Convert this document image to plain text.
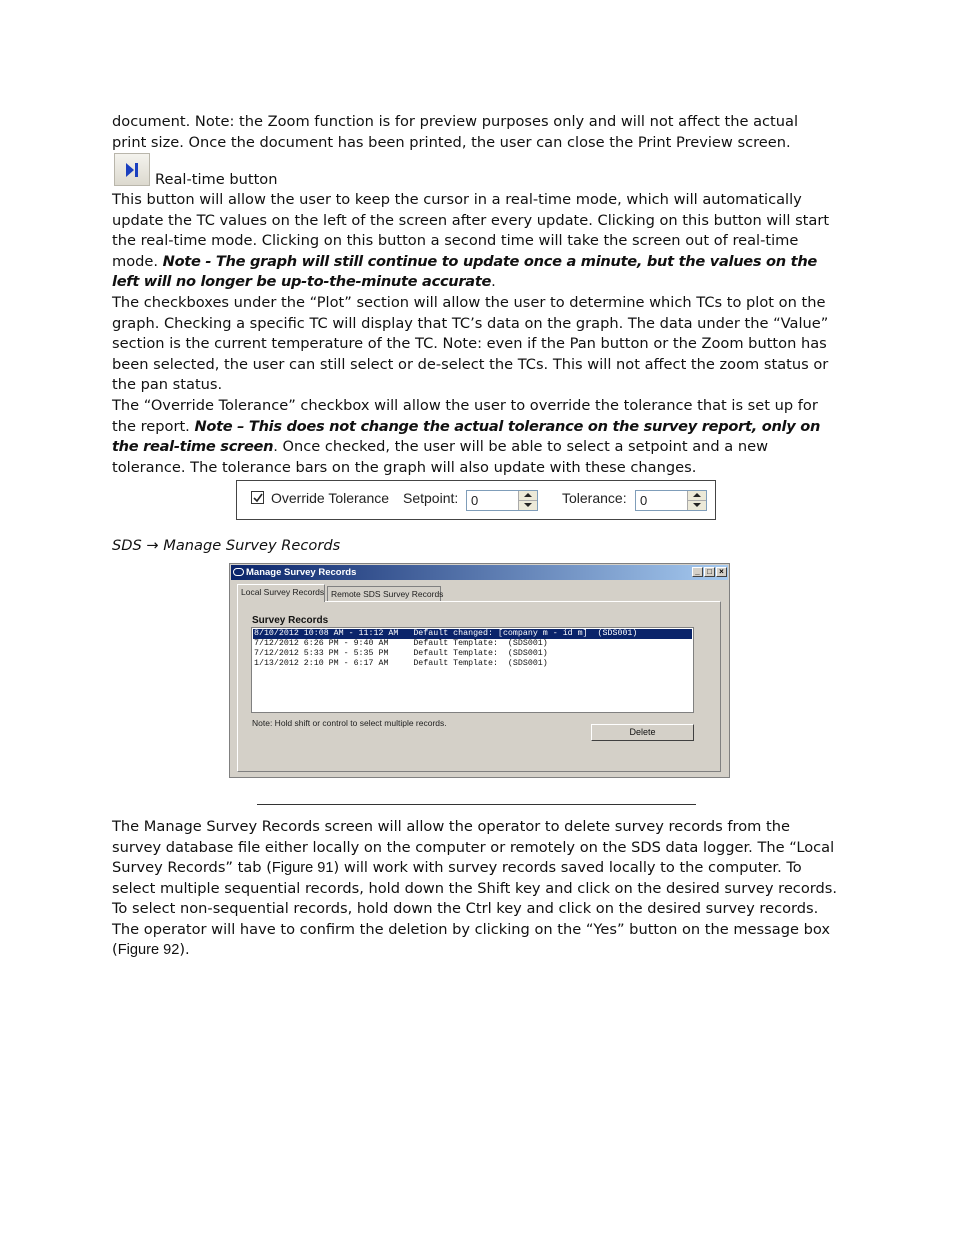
document. Note: the Zoom function is for preview purposes only and will not affect the actual
print size. Once the document has been printed, the user can close the Print Preview screen.
Real-time button
This button will allow the user to keep the cursor in a real-time mode, which will automatically update the TC values on the left of the screen after every update. Clicking on this button will start the real-time mode. Clicking on this button a second time will take the screen out of real-time mode. Note - The graph will still continue to update once a minute, but the values on the left will no longer be up-to-the-minute accurate.
The checkboxes under the “Plot” section will allow the user to determine which TCs to plot on the graph. Checking a specific TC will display that TC’s data on the graph. The data under the “Value” section is the current temperature of the TC. Note: even if the Pan button or the Zoom button has been selected, the user can still select or de-select the TCs. This will not affect the zoom status or the pan status.
The “Override Tolerance” checkbox will allow the user to override the tolerance that is set up for the report. Note – This does not change the actual tolerance on the survey report, only on the real-time screen. Once checked, the user will be able to select a setpoint and a new tolerance. The tolerance bars on the graph will also update with these changes.
Override Tolerance Setpoint: 0	Tolerance: 0
SDS → Manage Survey Records
Manage Survey Records	_ □ ×
Local Survey Records Remote SDS Survey Records
Survey Records
8/10/2012 10:08 AM - 11:12 AM   Default changed: [company m - id m]  (SDS001)
7/12/2012 6:26 PM - 9:40 AM     Default Template:  (SDS001)
7/12/2012 5:33 PM - 5:35 PM     Default Template:  (SDS001)
1/13/2012 2:10 PM - 6:17 AM     Default Template:  (SDS001)
Note: Hold shift or control to select multiple records.
Delete
The Manage Survey Records screen will allow the operator to delete survey records from the survey database file either locally on the computer or remotely on the SDS data logger. The “Local Survey Records” tab (Figure 91) will work with survey records saved locally to the computer. To select multiple sequential records, hold down the Shift key and click on the desired survey records. To select non-sequential records, hold down the Ctrl key and click on the desired survey records. The operator will have to confirm the deletion by clicking on the “Yes” button on the message box (Figure 92).
